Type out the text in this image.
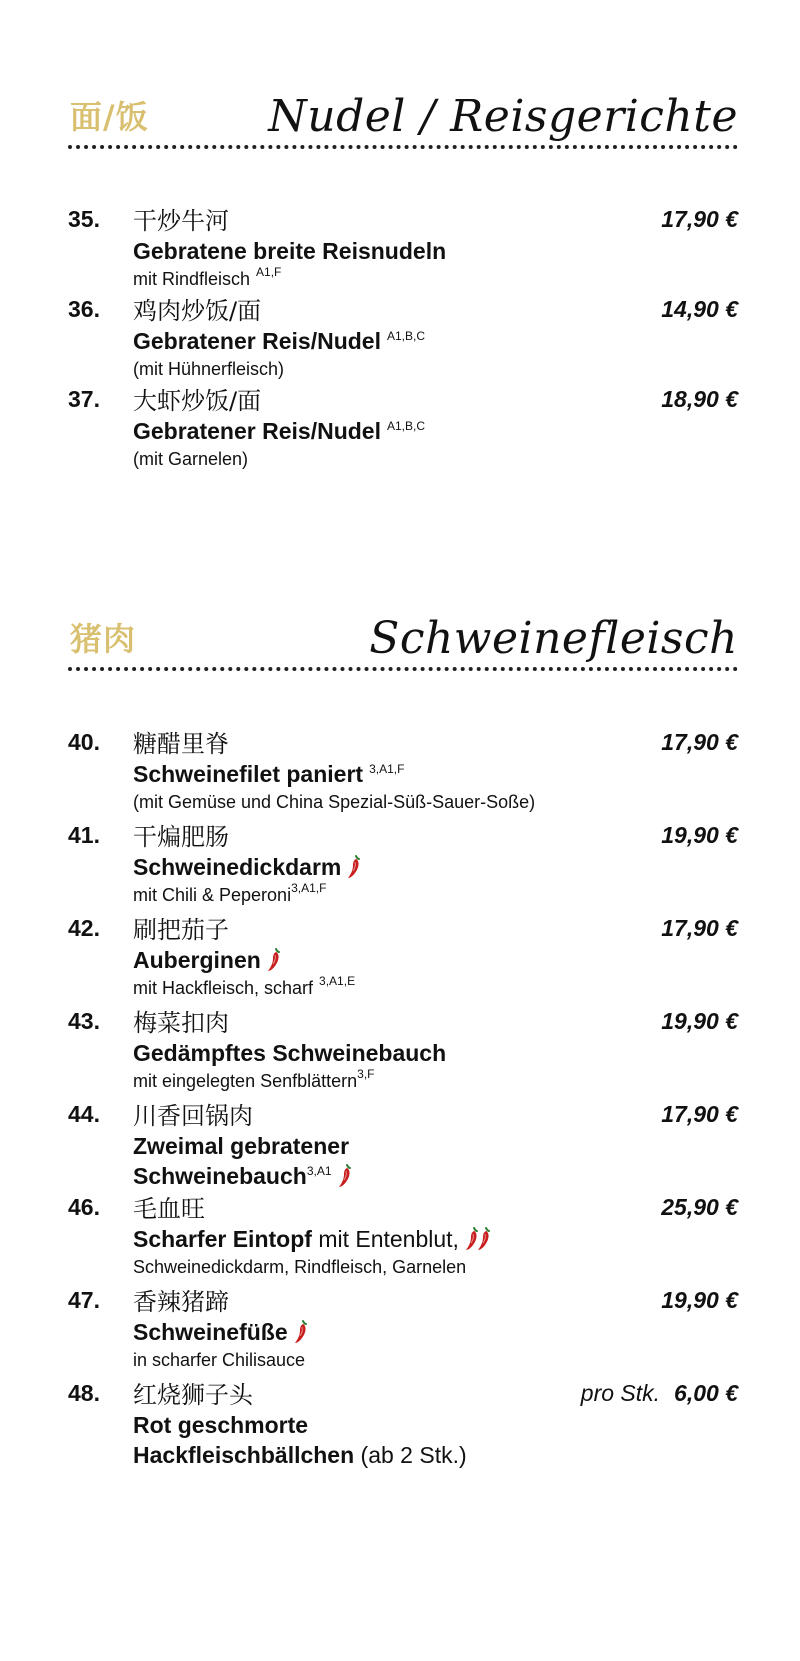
面/饭	Nudel / Reisgerichte
35. 干炒牛河
Gebratene breite Reisnudeln
mit Rindfleisch $^{A1,F}$
17,90 €
36. 鸡肉炒饭/面
Gebratener Reis/Nudel $^{A1,B,C}$
(mit Hühnerfleisch)
14,90 €
37. 大虾炒饭/面
Gebratener Reis/Nudel $^{A1,B,C}$
(mit Garnelen)
18,90 €
猪肉	Schweinefleisch
40. 糖醋里脊
Schweinefilet paniert $^{3,A1,F}$
(mit Gemüse und China Spezial-Süß-Sauer-Soße)
17,90 €
41. 干煸肥肠
Schweinedickdarm
mit Chili & Peperoni$^{3,A1,F}$
19,90 €
42. 刷把茄子
Auberginen
mit Hackfleisch, scharf $^{3,A1,E}$
17,90 €
43. 梅菜扣肉
Gedämpftes Schweinebauch
mit eingelegten Senfblättern$^{3,F}$
19,90 €
44. 川香回锅肉
Zweimal gebratener
Schweinebauch$^{3,A1}$
17,90 €
46. 毛血旺
Scharfer Eintopf mit Entenblut,
Schweinedickdarm, Rindfleisch, Garnelen
25,90 €
47. 香辣猪蹄
Schweinefüße
in scharfer Chilisauce
19,90 €
48. 红烧狮子头
Rot geschmorte
Hackfleischbällchen (ab 2 Stk.)
pro Stk. 6,00 €
